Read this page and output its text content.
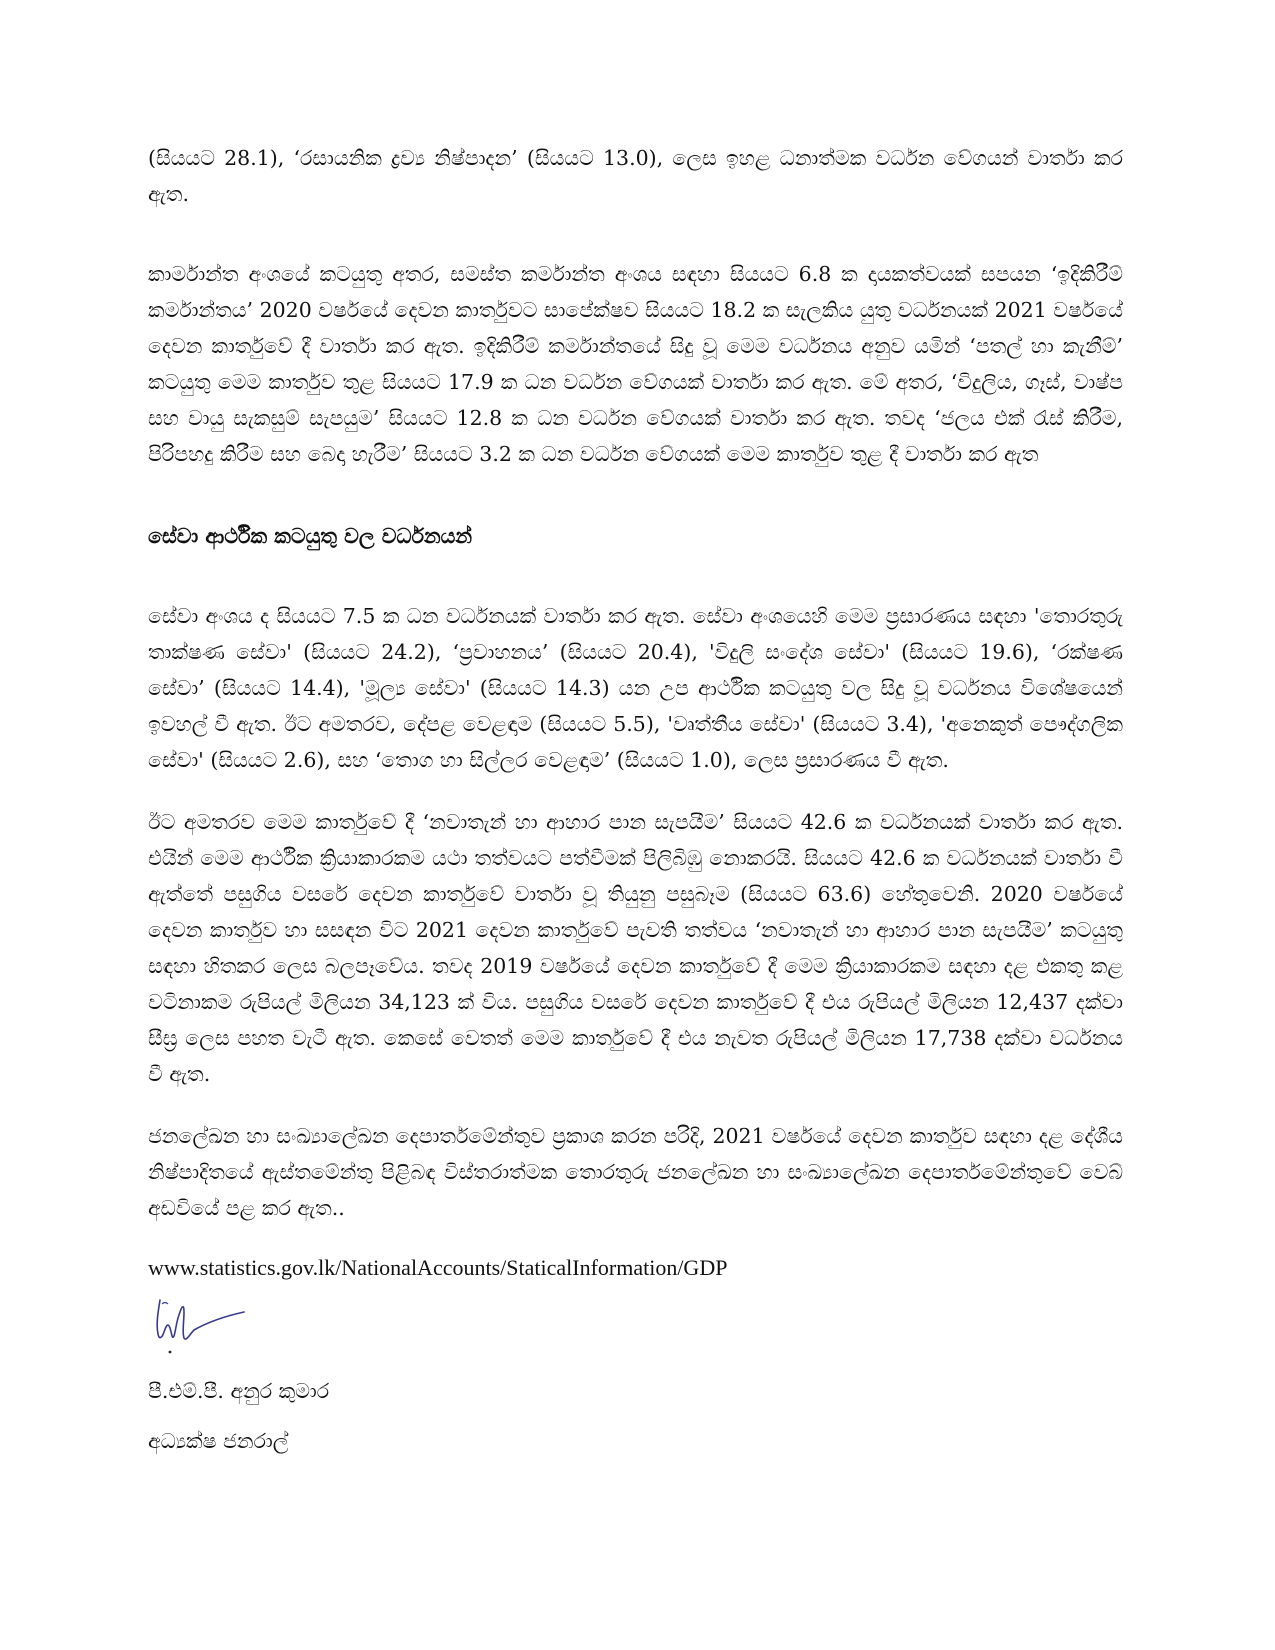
(සියයට 28.1), ‘රසායනික ද්‍රව්‍ය නිෂ්පාදන’ (සියයට 13.0), ලෙස ඉහළ ධනාත්මක වර්ධන වේගයන් වාර්තා කර ඇත.

කාර්මාන්ත අංශයේ කටයුතු අතර, සමස්ත කර්මාන්ත අංශය සඳහා සියයට 6.8 ක දායකත්වයක් සපයන ‘ඉදිකිරීම් කර්මාන්තය’ 2020 වර්ෂයේ දෙවන කාර්තුවට සාපේක්ෂව සියයට 18.2 ක සැලකිය යුතු වර්ධනයක් 2021 වර්ෂයේ දෙවන කාර්තුවේ දී වාර්තා කර ඇත. ඉදිකිරීම් කර්මාන්තයේ සිදු වූ මෙම වර්ධනය අනුව යමින් ‘පතල් හා කැනීම්’ කටයුතු මෙම කාර්තුව තුළ සියයට 17.9 ක ධන වර්ධන වේගයක් වාර්තා කර ඇත. මේ අතර, ‘විදුලිය, ගෑස්, වාෂ්ප සහ වායු සැකසුම් සැපයුම’ සියයට 12.8 ක ධන වර්ධන වේගයක් වාර්තා කර ඇත. තවද ‘ජලය එක් රැස් කිරීම, පිරිපහදු කිරීම සහ බෙදා හැරීම’ සියයට 3.2 ක ධන වර්ධන වේගයක් මෙම කාර්තුව තුළ දී වාර්තා කර ඇත

සේවා ආර්ථික කටයුතු වල වර්ධනයන්

සේවා අංශය ද සියයට 7.5 ක ධන වර්ධනයක් වාර්තා කර ඇත. සේවා අංශයෙහි මෙම ප්‍රසාරණය සඳහා 'තොරතුරු තාක්ෂණ සේවා' (සියයට 24.2), ‘ප්‍රවාහනය’ (සියයට 20.4), 'විදුලි සංදේශ සේවා' (සියයට 19.6), ‘රක්ෂණ සේවා’ (සියයට 14.4), 'මූල්‍ය සේවා' (සියයට 14.3) යන උප ආර්ථික කටයුතු වල සිදු වූ වර්ධනය විශේෂයෙන් ඉවහල් වී ඇත. ඊට අමතරව, දේපළ වෙළඳාම (සියයට 5.5), 'වෘත්තීය සේවා' (සියයට 3.4), 'අනෙකුත් පෞද්ගලික සේවා' (සියයට 2.6), සහ ‘තොග හා සිල්ලර වෙළඳාම’ (සියයට 1.0), ලෙස ප්‍රසාරණය වී ඇත.

ඊට අමතරව මෙම කාර්තුවේ දී ‘නවාතැන් හා ආහාර පාන සැපයීම’ සියයට 42.6 ක වර්ධනයක් වාර්තා කර ඇත. එයින් මෙම ආර්ථික ක්‍රියාකාරකම යථා තත්වයට පත්වීමක් පිලිබිඹු නොකරයි. සියයට 42.6 ක වර්ධනයක් වාර්තා වී ඇත්තේ පසුගිය වසරේ දෙවන කාර්තුවේ වාර්තා වූ තියුනු පසුබෑම (සියයට 63.6) හේතුවෙනි. 2020 වර්ෂයේ දෙවන කාර්තුව හා සසඳන විට 2021 දෙවන කාර්තුවේ පැවති තත්වය ‘නවාතැන් හා ආහාර පාන සැපයීම’ කටයුතු සඳහා හිතකර ලෙස බලපෑවේය. තවද 2019 වර්ෂයේ දෙවන කාර්තුවේ දී මෙම ක්‍රියාකාරකම සඳහා දළ එකතු කළ වටිනාකම රුපියල් මිලියන 34,123 ක් විය. පසුගිය වසරේ දෙවන කාර්තුවේ දී එය රුපියල් මිලියන 12,437 දක්වා සීඝ්‍ර ලෙස පහත වැටී ඇත. කෙසේ වෙතත් මෙම කාර්තුවේ දී එය නැවත රුපියල් මිලියන 17,738 දක්වා වර්ධනය වී ඇත.

ජනලේඛන හා සංඛ්‍යාලේඛන දෙපාර්තමේන්තුව ප්‍රකාශ කරන පරිදි, 2021 වර්ෂයේ දෙවන කාර්තුව සඳහා දළ දේශීය නිෂ්පාදිතයේ ඇස්තමේන්තු පිළිබඳ විස්තරාත්මක තොරතුරු ජනලේඛන හා සංඛ්‍යාලේඛන දෙපාර්තමේන්තුවේ වෙබ් අඩවියේ පළ කර ඇත..

www.statistics.gov.lk/NationalAccounts/StaticalInformation/GDP

පී.එම්.පී. අනුර කුමාර

අධ්‍යක්ෂ ජනරාල්
